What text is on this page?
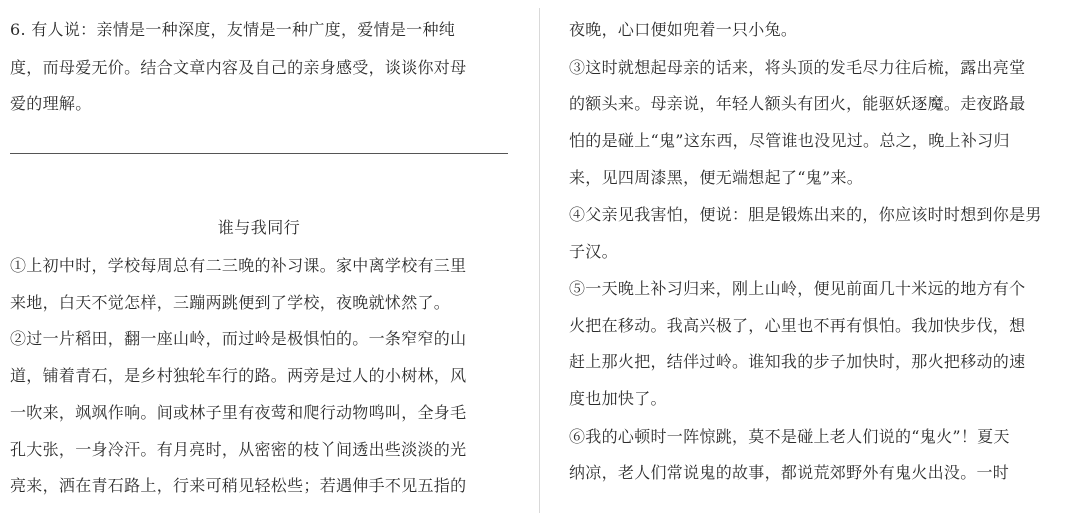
6. 有人说：亲情是一种深度，友情是一种广度，爱情是一种纯
度，而母爱无价。结合文章内容及自己的亲身感受，谈谈你对母
爱的理解。
谁与我同行
①上初中时，学校每周总有二三晚的补习课。家中离学校有三里
来地，白天不觉怎样，三蹦两跳便到了学校，夜晚就怵然了。
②过一片稻田，翻一座山岭，而过岭是极惧怕的。一条窄窄的山
道，铺着青石，是乡村独轮车行的路。两旁是过人的小树林，风
一吹来，飒飒作响。间或林子里有夜莺和爬行动物鸣叫，全身毛
孔大张，一身冷汗。有月亮时，从密密的枝丫间透出些淡淡的光
亮来，洒在青石路上，行来可稍见轻松些；若遇伸手不见五指的
夜晚，心口便如兜着一只小兔。
③这时就想起母亲的话来，将头顶的发毛尽力往后梳，露出亮堂
的额头来。母亲说，年轻人额头有团火，能驱妖逐魔。走夜路最
怕的是碰上“鬼”这东西，尽管谁也没见过。总之，晚上补习归
来，见四周漆黑，便无端想起了“鬼”来。
④父亲见我害怕，便说：胆是锻炼出来的，你应该时时想到你是男
子汉。
⑤一天晚上补习归来，刚上山岭，便见前面几十米远的地方有个
火把在移动。我高兴极了，心里也不再有惧怕。我加快步伐，想
赶上那火把，结伴过岭。谁知我的步子加快时，那火把移动的速
度也加快了。
⑥我的心顿时一阵惊跳，莫不是碰上老人们说的“鬼火”！夏天
纳凉，老人们常说鬼的故事，都说荒郊野外有鬼火出没。一时
